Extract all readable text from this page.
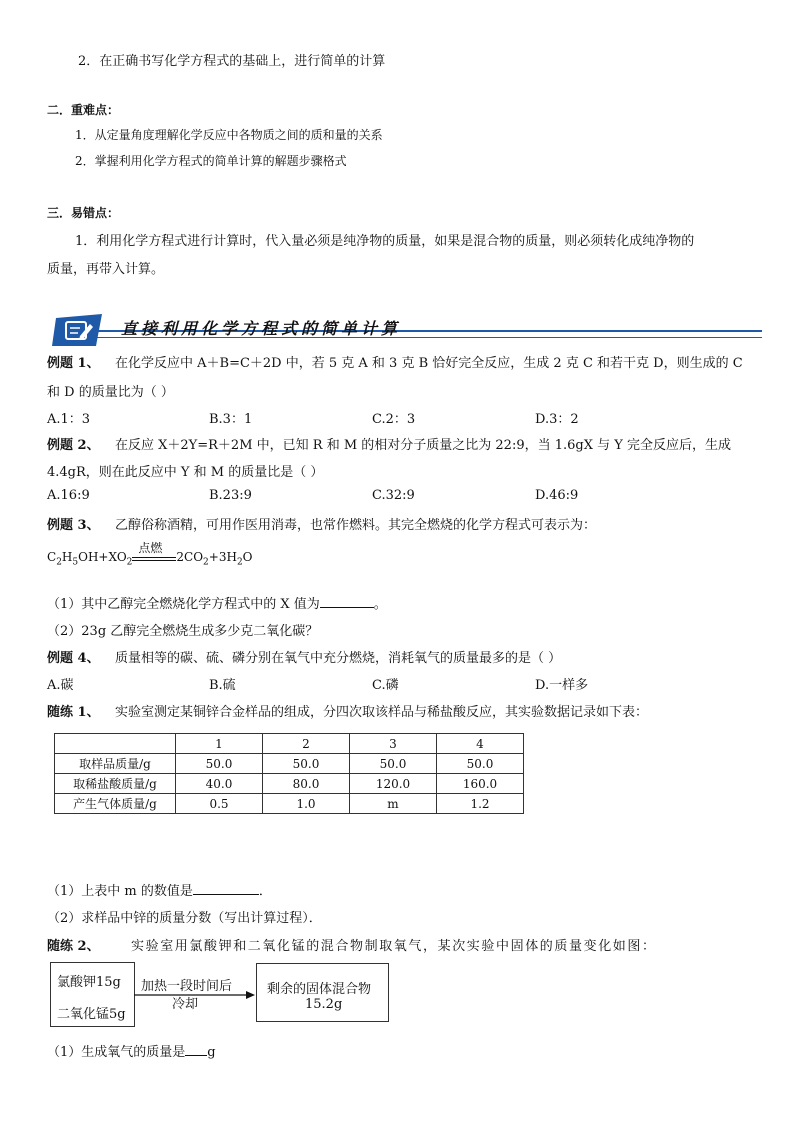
2．在正确书写化学方程式的基础上，进行简单的计算
二．重难点：
1．从定量角度理解化学反应中各物质之间的质和量的关系
2．掌握利用化学方程式的简单计算的解题步骤格式
三．易错点：
1．利用化学方程式进行计算时，代入量必须是纯净物的质量，如果是混合物的质量，则必须转化成纯净物的
质量，再带入计算。
直接利用化学方程式的简单计算
例题 1、 在化学反应中 A＋B=C＋2D 中，若 5 克 A 和 3 克 B 恰好完全反应，生成 2 克 C 和若干克 D，则生成的 C
和 D 的质量比为（ ）
A.1：3	B.3：1	C.2：3	D.3：2
例题 2、 在反应 X＋2Y=R＋2M 中，已知 R 和 M 的相对分子质量之比为 22:9，当 1.6gX 与 Y 完全反应后，生成
4.4gR，则在此反应中 Y 和 M 的质量比是（ ）
A.16:9	B.23:9	C.32:9	D.46:9
例题 3、 乙醇俗称酒精，可用作医用消毒，也常作燃料。其完全燃烧的化学方程式可表示为：
$C_2H_5OH+XO_2$
点燃
$2CO_2+3H_2O$
（1）其中乙醇完全燃烧化学方程式中的 X 值为	。
（2）23g 乙醇完全燃烧生成多少克二氧化碳？
例题 4、 质量相等的碳、硫、磷分别在氧气中充分燃烧，消耗氧气的质量最多的是（ ）
A.碳	B.硫	C.磷	D.一样多
随练 1、 实验室测定某铜锌合金样品的组成，分四次取该样品与稀盐酸反应，其实验数据记录如下表：
	1	2	3	4
取样品质量/g	50.0	50.0	50.0	50.0
取稀盐酸质量/g	40.0	80.0	120.0	160.0
产生气体质量/g	0.5	1.0	m	1.2
（1）上表中 m 的数值是	．
（2）求样品中锌的质量分数（写出计算过程）．
随练 2、 实验室用氯酸钾和二氧化锰的混合物制取氧气，某次实验中固体的质量变化如图：
氯酸钾15g
二氧化锰5g
加热一段时间后
冷却
剩余的固体混合物
15.2g
（1）生成氧气的质量是 g
